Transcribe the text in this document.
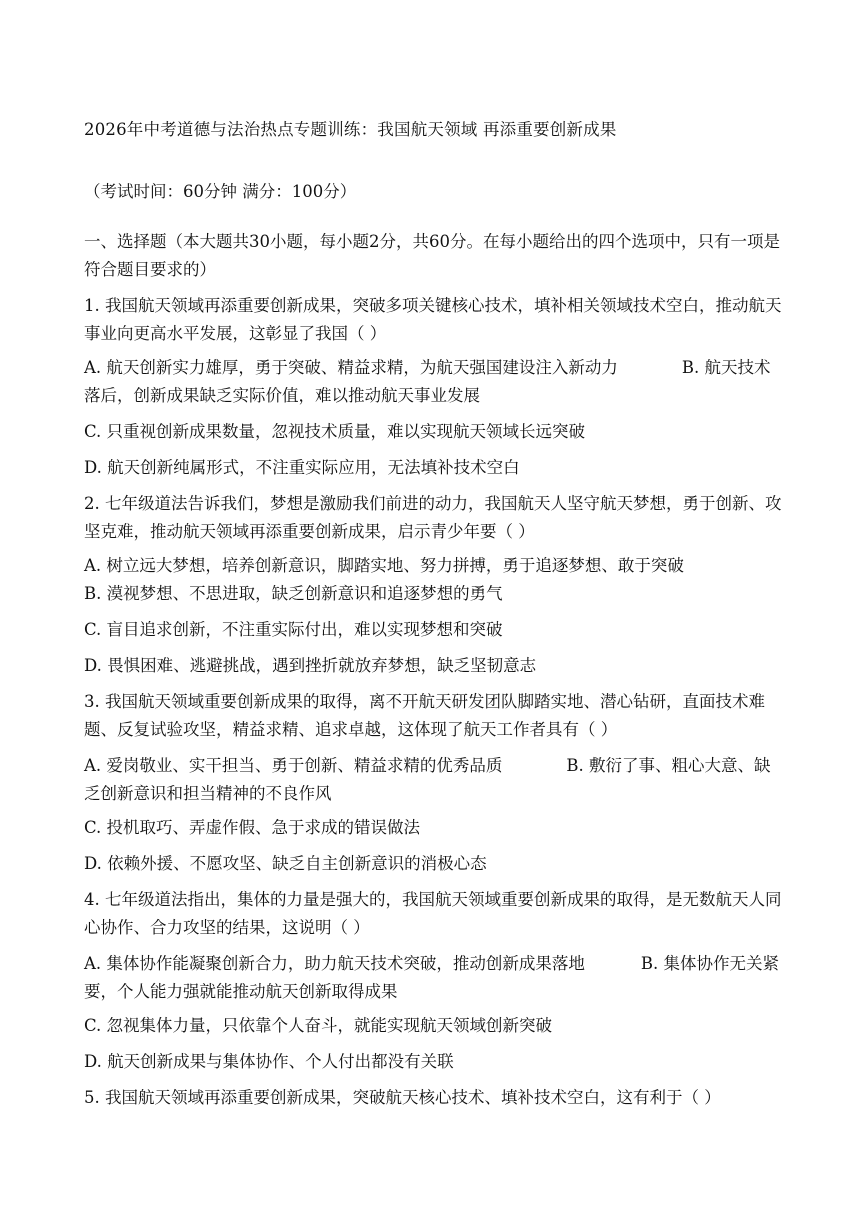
2026年中考道德与法治热点专题训练：我国航天领域 再添重要创新成果
（考试时间：60分钟 满分：100分）
一、选择题（本大题共30小题，每小题2分，共60分。在每小题给出的四个选项中，只有一项是符合题目要求的）
1. 我国航天领域再添重要创新成果，突破多项关键核心技术，填补相关领域技术空白，推动航天事业向更高水平发展，这彰显了我国（ ）
A. 航天创新实力雄厚，勇于突破、精益求精，为航天强国建设注入新动力	B. 航天技术落后，创新成果缺乏实际价值，难以推动航天事业发展
C. 只重视创新成果数量，忽视技术质量，难以实现航天领域长远突破
D. 航天创新纯属形式，不注重实际应用，无法填补技术空白
2. 七年级道法告诉我们，梦想是激励我们前进的动力，我国航天人坚守航天梦想，勇于创新、攻坚克难，推动航天领域再添重要创新成果，启示青少年要（ ）
A. 树立远大梦想，培养创新意识，脚踏实地、努力拼搏，勇于追逐梦想、敢于突破
B. 漠视梦想、不思进取，缺乏创新意识和追逐梦想的勇气
C. 盲目追求创新，不注重实际付出，难以实现梦想和突破
D. 畏惧困难、逃避挑战，遇到挫折就放弃梦想，缺乏坚韧意志
3. 我国航天领域重要创新成果的取得，离不开航天研发团队脚踏实地、潜心钻研，直面技术难题、反复试验攻坚，精益求精、追求卓越，这体现了航天工作者具有（ ）
A. 爱岗敬业、实干担当、勇于创新、精益求精的优秀品质	B. 敷衍了事、粗心大意、缺乏创新意识和担当精神的不良作风
C. 投机取巧、弄虚作假、急于求成的错误做法
D. 依赖外援、不愿攻坚、缺乏自主创新意识的消极心态
4. 七年级道法指出，集体的力量是强大的，我国航天领域重要创新成果的取得，是无数航天人同心协作、合力攻坚的结果，这说明（ ）
A. 集体协作能凝聚创新合力，助力航天技术突破，推动创新成果落地	B. 集体协作无关紧要，个人能力强就能推动航天创新取得成果
C. 忽视集体力量，只依靠个人奋斗，就能实现航天领域创新突破
D. 航天创新成果与集体协作、个人付出都没有关联
5. 我国航天领域再添重要创新成果，突破航天核心技术、填补技术空白，这有利于（ ）
